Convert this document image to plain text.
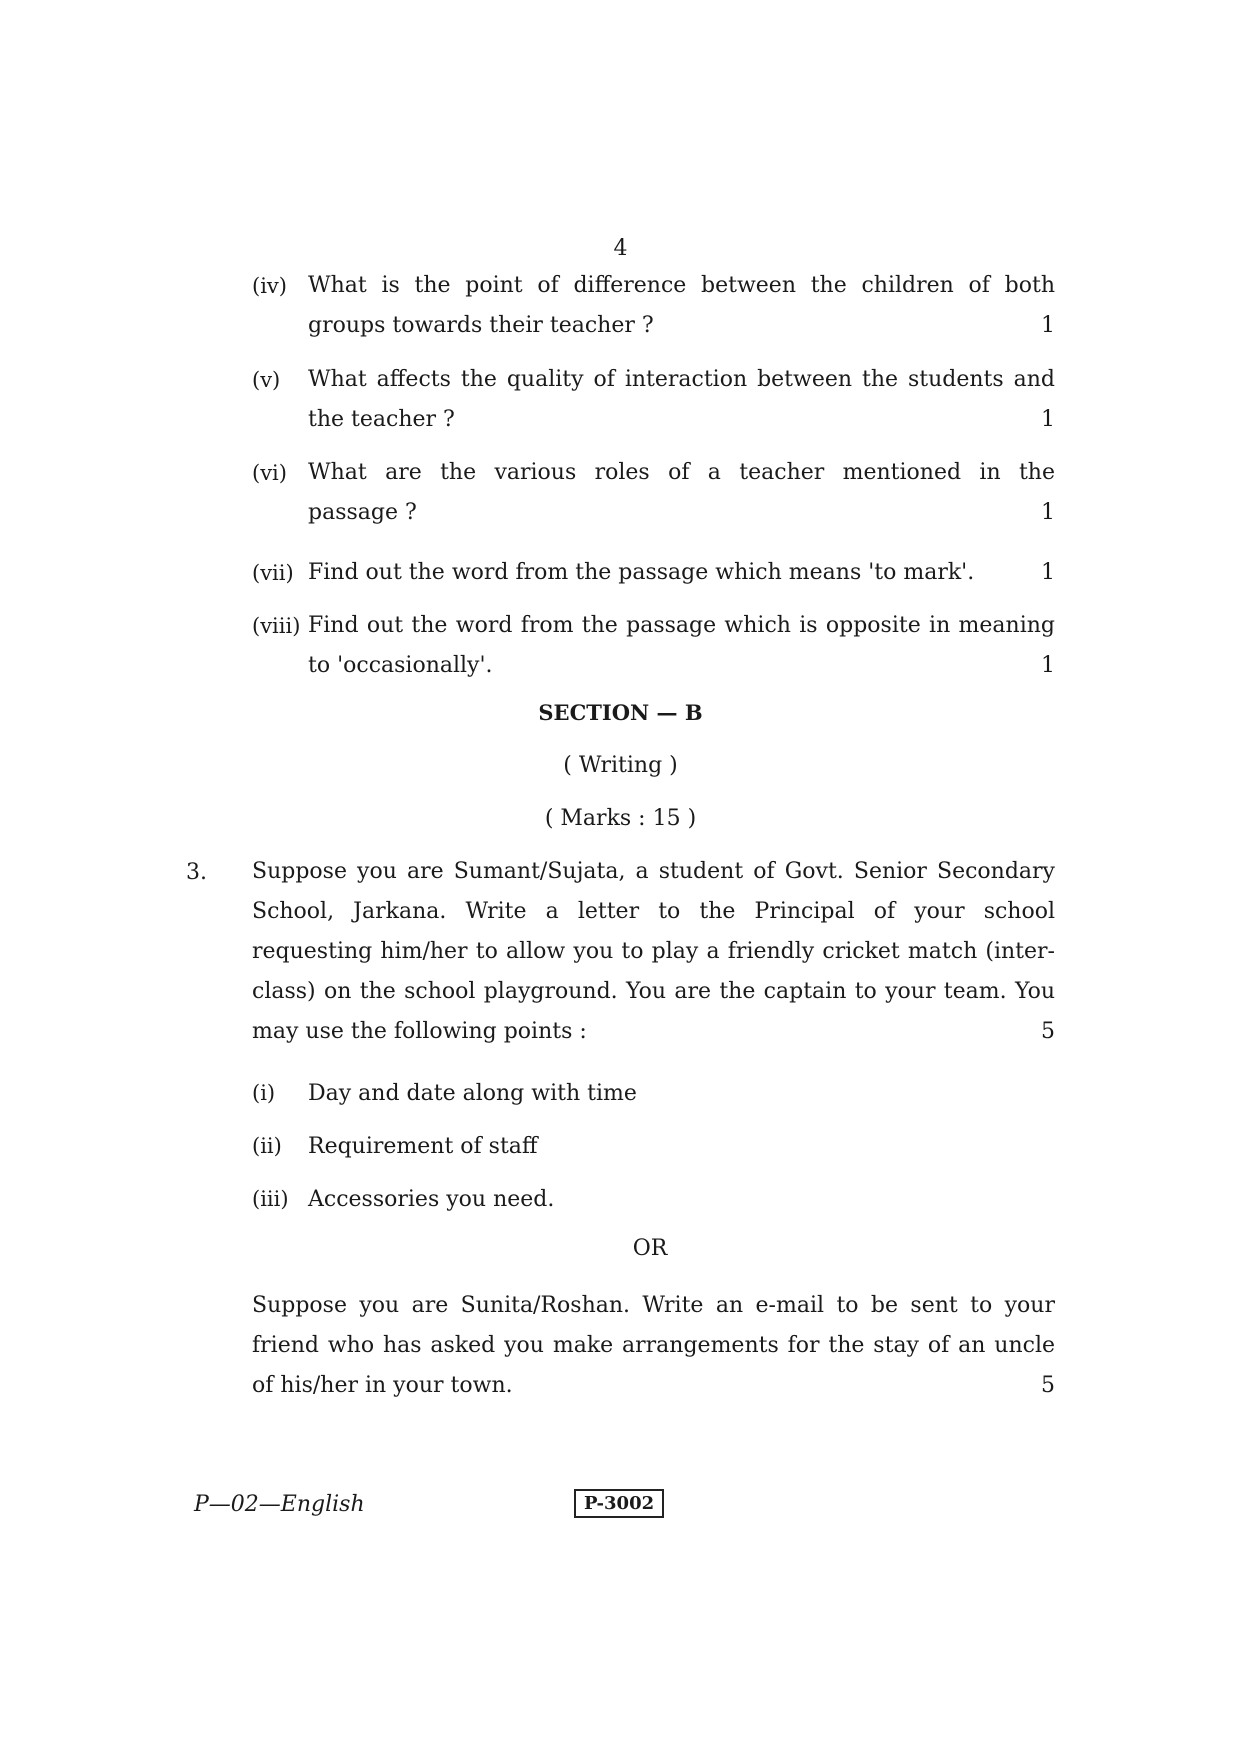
4
(iv) What is the point of difference between the children of both
groups towards their teacher ?	1
(v) What affects the quality of interaction between the students and
the teacher ?	1
(vi) What are the various roles of a teacher mentioned in the
passage ?	1
(vii) Find out the word from the passage which means 'to mark'.	1
(viii) Find out the word from the passage which is opposite in meaning
to 'occasionally'.	1
SECTION — B
( Writing )
( Marks : 15 )
3. Suppose you are Sumant/Sujata, a student of Govt. Senior Secondary
School, Jarkana. Write a letter to the Principal of your school
requesting him/her to allow you to play a friendly cricket match (inter-
class) on the school playground. You are the captain to your team. You
may use the following points :	5
(i) Day and date along with time
(ii) Requirement of staff
(iii) Accessories you need.
OR
Suppose you are Sunita/Roshan. Write an e-mail to be sent to your
friend who has asked you make arrangements for the stay of an uncle
of his/her in your town.	5
P—02—English	P-3002
